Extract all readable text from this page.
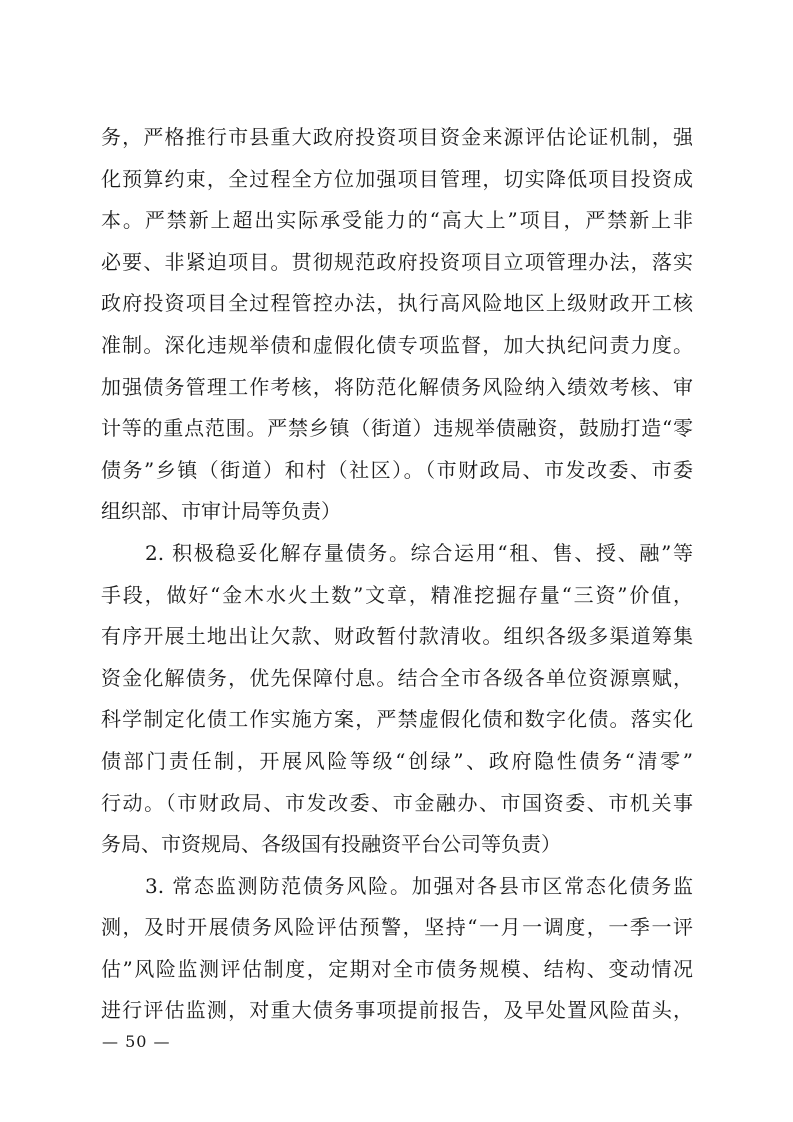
务，严格推行市县重大政府投资项目资金来源评估论证机制，强
化预算约束，全过程全方位加强项目管理，切实降低项目投资成
本。严禁新上超出实际承受能力的“高大上”项目，严禁新上非
必要、非紧迫项目。贯彻规范政府投资项目立项管理办法，落实
政府投资项目全过程管控办法，执行高风险地区上级财政开工核
准制。深化违规举债和虚假化债专项监督，加大执纪问责力度。
加强债务管理工作考核，将防范化解债务风险纳入绩效考核、审
计等的重点范围。严禁乡镇（街道）违规举债融资，鼓励打造“零
债务”乡镇（街道）和村（社区）。（市财政局、市发改委、市委
组织部、市审计局等负责）
2. 积极稳妥化解存量债务。综合运用“租、售、授、融”等
手段，做好“金木水火土数”文章，精准挖掘存量“三资”价值，
有序开展土地出让欠款、财政暂付款清收。组织各级多渠道筹集
资金化解债务，优先保障付息。结合全市各级各单位资源禀赋，
科学制定化债工作实施方案，严禁虚假化债和数字化债。落实化
债部门责任制，开展风险等级“创绿”、政府隐性债务“清零”
行动。（市财政局、市发改委、市金融办、市国资委、市机关事
务局、市资规局、各级国有投融资平台公司等负责）
3. 常态监测防范债务风险。加强对各县市区常态化债务监
测，及时开展债务风险评估预警，坚持“一月一调度，一季一评
估”风险监测评估制度，定期对全市债务规模、结构、变动情况
进行评估监测，对重大债务事项提前报告，及早处置风险苗头，
— 50 —
